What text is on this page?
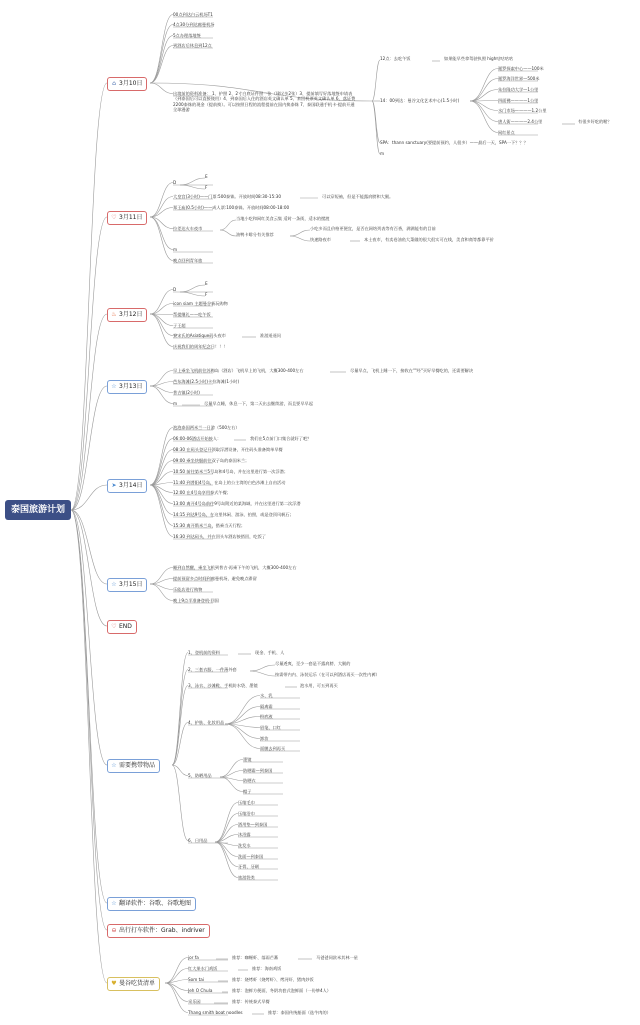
泰国旅游计划
⌂ 3月10日
00点到达白云机场T1
4点30分到达廊曼机场
5点办理落地签
到酒店后休息到12点
出境前的资料准备： 1、护照 2、2寸白底证件照一张（建议多2张）3、提前填写好落地签申请表（到泰国后可以直接使用）4、到泰国后入住的酒店英文确认单 5、来回机票英文确认单 6、落证费2200泰铢的现金（提前换）。可以按照日程的流程提前在国内换泰铢 7、泰国联通手机卡-提前开通全球漫游
12点：去吃午饭	如果能早些拿驾驶执照 high咕咕咕咕
14：00到达：曼谷文化艺术中心(1.5小时)
暹罗探索中心——100米
暹罗海洋世界—500米
朱拉隆功大学—1公里
四面佛————1公里
水门市场————1.2公里
唐人街————2.4公里
网红景点
有很多好吃的喔？
SPA：thann sanctuary(要提前预约，人很多）——最后一天，SPA一下？？？
m
♡ 3月11日
D
E
F
大皇宫(3小时)——门票:500泰铢。开放时间08:30-15:30	可以穿短袖，但是不能露肩膀和大腿。
郑王庙(0.5小时)——成人票:100泰铢。开放时间08:00-18:00
拉差达火车夜市
当地小吃和网红美食云集 适时一条街，适水的摆渡
油鸭卡啡分有关推荐
小吃多而且价格更便宜，是否在网络列表等有百香，满满能有的目前
快速路夜市	本土夜市，有卖卷油鱼大菜做的很大很实可在线，美食和商等都靠平价
m
晚点回到青年旅
♨ 3月12日
D
E
F
icon siam 主题曼谷新玩购物
帮提继礼——吃午饭
子王超
寮宋氏的Asiatique码头夜市	准游遥遥问
庆祝我们的周年纪念日！！！
☆ 3月13日
早上乘坐飞机前往苏梅岛（酒店）飞机早上的飞机，大概300-400左右	尽量早点，飞机上睡一下，接收在""经"买好早餐吃的，还需要解决
芭东海滩(2.5小时)卡拉海滩(1小时)
普吉镇(2小时)
m	尽量早点睡，休息一下，第二天出去继续游，而且要早早起
➤ 3月14日
泡泡泰国两米兰一日游（500左右）
06:00-06酒店开始接人：	我们在5点前门口集合就好了吧？
08:30 在码头登记开领取浮潜设备，开往码头准备简单早餐
09:00 乘坐快艇前往双子岛的泰国米兰；
10:50 前往第米兰5号岛和4号岛，并在这里进行第一次浮潜；
11:40 到普阳4号岛，在岛上的公主湾的白色沙滩上自由活动
12:00 在4号岛享用泰式午餐；
13:00 离开4号岛前往9号岛附近的某海域，并在这里进行第二次浮潜
14:15 到达9号岛，在这里休闲、游泳、拍照，或是登顶风帆石;
15:30 离开斯米兰岛，搭乘当天行程；
16:30 到达码头，并在回头车酒店接搭回，吃饭了
☆ 3月15日
睡到自然醒，乘坐飞机到普吉·再乘下午的飞机，大概300-400左右
提前预留多点时间到廊曼机场，避免晚点滞留
乐能店进行购物
晚上9点半准备登机·回国
♡ END
☆ 需要携带物品
1、登机前的资料	现金、手机、人
2、三套衣服，一件薄外套
尽量透爽，至少一套是不露肩膀、大腿的
按需带内内、泳装运乐（在可以到酒店再买一次性内裤）
3、泳衣、沙滩鞋、手机防水袋、墨镜	泡水用，可五到再买
4、护肤、化妆用品
水、乳
隔离霜
粉底液
眉笔、口红
卸妆
面膜去到再买
5、防晒用品
墨镜
防晒霜—到泰国
防晒衣
帽子
6、日用品
压缩毛巾
压缩浴巾
酒用垫—到泰国
沐浴露
洗发水
洗面—到泰国
牙膏、牙刷
旅游袋类
☆ 翻译软件：谷歌、谷歌地图
⊖ 出行打车软件：Grab、indriver
♥ 曼谷吃货清单
jor fa	推荐：咖喱虾、落雨芒蕃	马爸爸同款米其林一星
红大果水门鸡饭	推荐：海南鸡饭
Som tai	推荐：烧烤虾（烧烤虾）、烤河虾、猪肉炒饭
Jeh O Chula	推荐：泡鲜方便面，冬阴功套式泡鲜面（一份够4人）
采乐园	推荐：传统泰式早餐
Thang smith boat noodles	推荐：泰国传统船面（选牛肉的）
